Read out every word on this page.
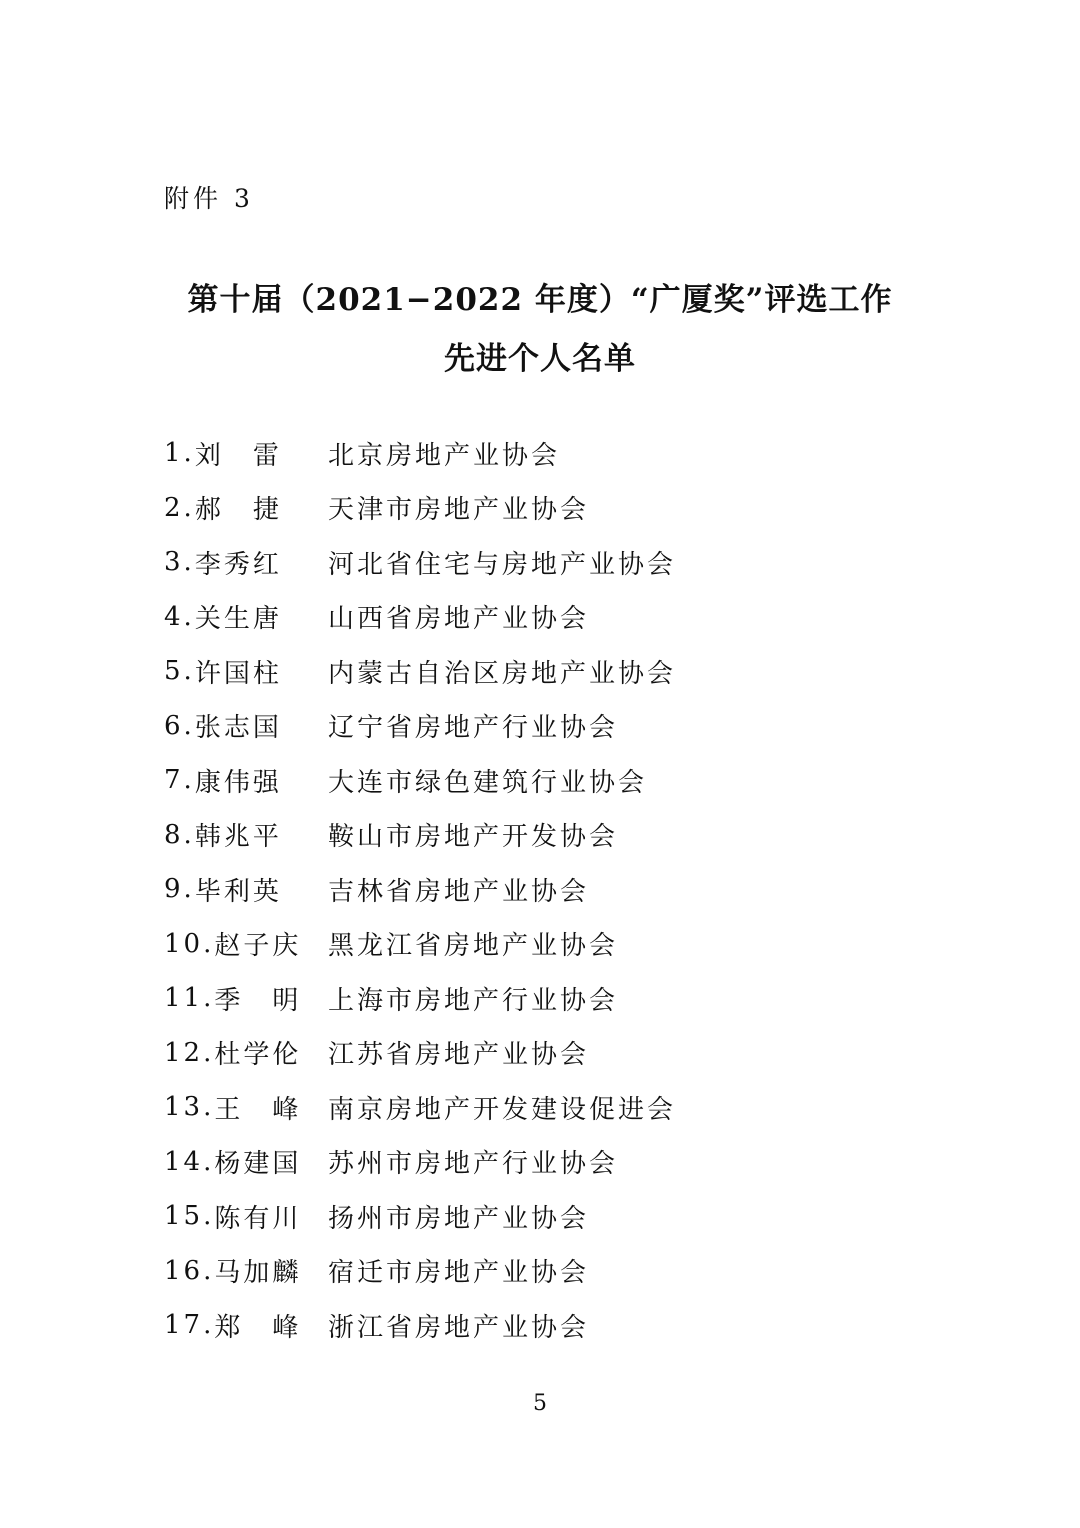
附件 3
第十届（2021−2022 年度）“广厦奖”评选工作
先进个人名单
1. 刘　雷	北京房地产业协会
2. 郝　捷	天津市房地产业协会
3. 李秀红	河北省住宅与房地产业协会
4. 关生唐	山西省房地产业协会
5. 许国柱	内蒙古自治区房地产业协会
6. 张志国	辽宁省房地产行业协会
7. 康伟强	大连市绿色建筑行业协会
8. 韩兆平	鞍山市房地产开发协会
9. 毕利英	吉林省房地产业协会
10. 赵子庆	黑龙江省房地产业协会
11. 季　明	上海市房地产行业协会
12. 杜学伦	江苏省房地产业协会
13. 王　峰	南京房地产开发建设促进会
14. 杨建国	苏州市房地产行业协会
15. 陈有川	扬州市房地产业协会
16. 马加麟	宿迁市房地产业协会
17. 郑　峰	浙江省房地产业协会
5
